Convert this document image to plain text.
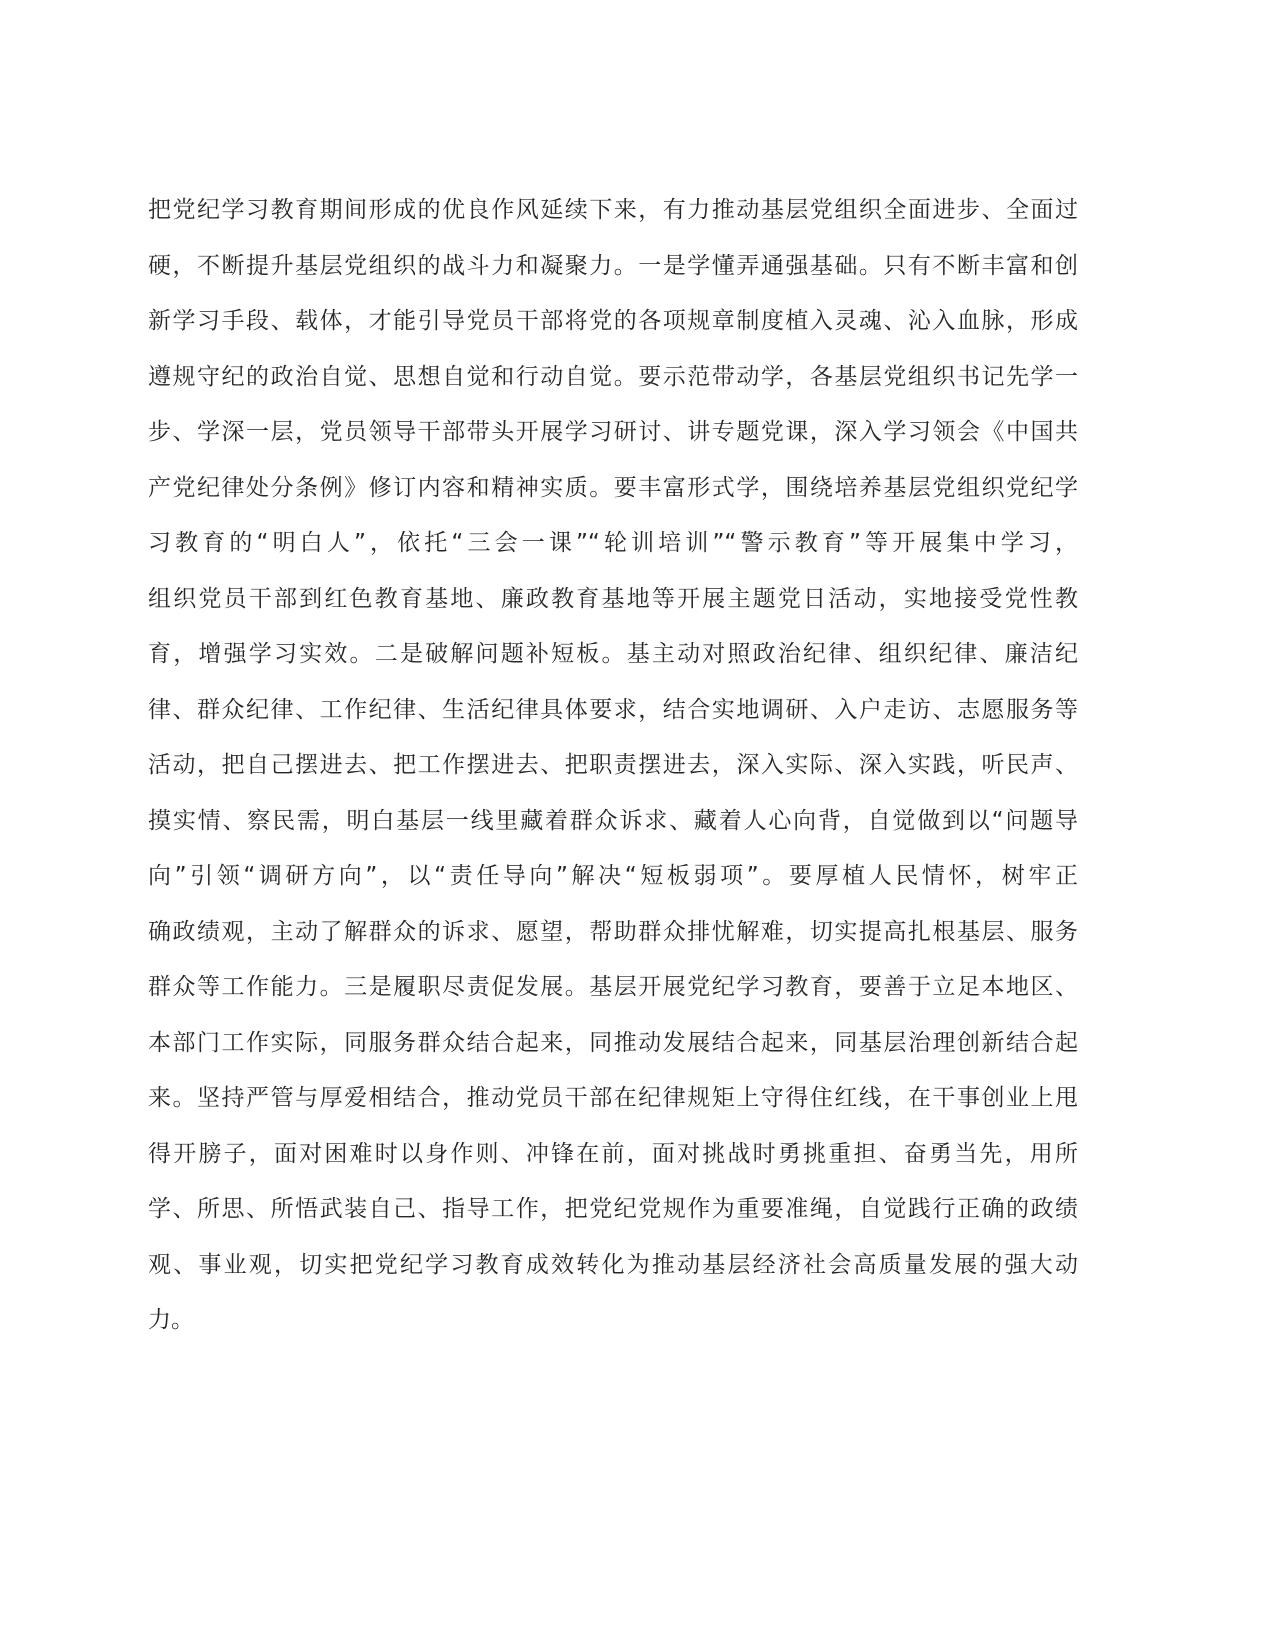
把党纪学习教育期间形成的优良作风延续下来，有力推动基层党组织全面进步、全面过
硬，不断提升基层党组织的战斗力和凝聚力。一是学懂弄通强基础。只有不断丰富和创
新学习手段、载体，才能引导党员干部将党的各项规章制度植入灵魂、沁入血脉，形成
遵规守纪的政治自觉、思想自觉和行动自觉。要示范带动学，各基层党组织书记先学一
步、学深一层，党员领导干部带头开展学习研讨、讲专题党课，深入学习领会《中国共
产党纪律处分条例》修订内容和精神实质。要丰富形式学，围绕培养基层党组织党纪学
习教育的“明白人”，依托“三会一课”“轮训培训”“警示教育”等开展集中学习，
组织党员干部到红色教育基地、廉政教育基地等开展主题党日活动，实地接受党性教
育，增强学习实效。二是破解问题补短板。基主动对照政治纪律、组织纪律、廉洁纪
律、群众纪律、工作纪律、生活纪律具体要求，结合实地调研、入户走访、志愿服务等
活动，把自己摆进去、把工作摆进去、把职责摆进去，深入实际、深入实践，听民声、
摸实情、察民需，明白基层一线里藏着群众诉求、藏着人心向背，自觉做到以“问题导
向”引领“调研方向”，以“责任导向”解决“短板弱项”。要厚植人民情怀，树牢正
确政绩观，主动了解群众的诉求、愿望，帮助群众排忧解难，切实提高扎根基层、服务
群众等工作能力。三是履职尽责促发展。基层开展党纪学习教育，要善于立足本地区、
本部门工作实际，同服务群众结合起来，同推动发展结合起来，同基层治理创新结合起
来。坚持严管与厚爱相结合，推动党员干部在纪律规矩上守得住红线，在干事创业上甩
得开膀子，面对困难时以身作则、冲锋在前，面对挑战时勇挑重担、奋勇当先，用所
学、所思、所悟武装自己、指导工作，把党纪党规作为重要准绳，自觉践行正确的政绩
观、事业观，切实把党纪学习教育成效转化为推动基层经济社会高质量发展的强大动
力。
